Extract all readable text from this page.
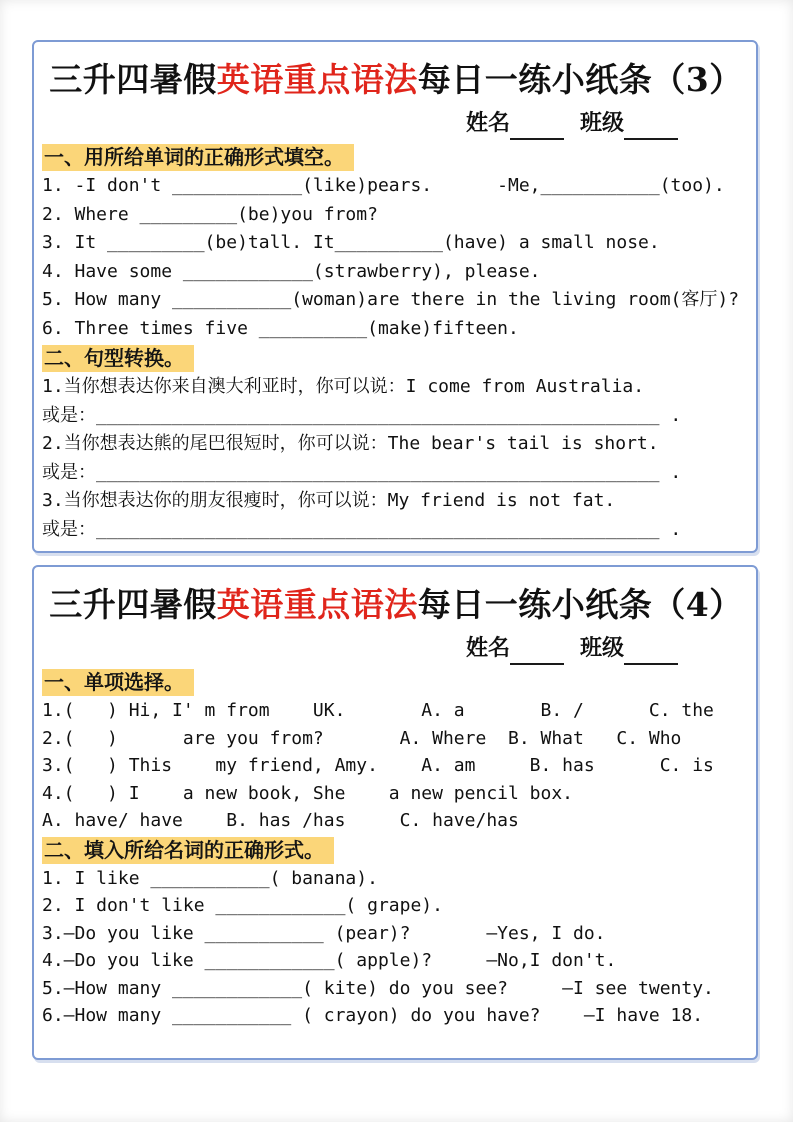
三升四暑假英语重点语法每日一练小纸条（3）
姓名	班级
一、用所给单词的正确形式填空。
1. -I don't ____________(like)pears.      -Me,___________(too).
2. Where _________(be)you from?
3. It _________(be)tall. It__________(have) a small nose.
4. Have some ____________(strawberry), please.
5. How many ___________(woman)are there in the living room(客厅)?
6. Three times five __________(make)fifteen.
二、句型转换。
1.当你想表达你来自澳大利亚时，你可以说：I come from Australia.
或是：____________________________________________________ .
2.当你想表达熊的尾巴很短时，你可以说：The bear's tail is short.
或是：____________________________________________________ .
3.当你想表达你的朋友很瘦时，你可以说：My friend is not fat.
或是：____________________________________________________ .
三升四暑假英语重点语法每日一练小纸条（4）
姓名	班级
一、单项选择。
1.(   ) Hi, I' m from    UK.       A. a       B. /      C. the
2.(   )      are you from?       A. Where  B. What   C. Who
3.(   ) This    my friend, Amy.    A. am     B. has      C. is
4.(   ) I    a new book, She    a new pencil box.
A. have/ have    B. has /has     C. have/has
二、填入所给名词的正确形式。
1. I like ___________( banana).
2. I don't like ____________( grape).
3.—Do you like ___________ (pear)?       —Yes, I do.
4.—Do you like ____________( apple)?     —No,I don't.
5.—How many ____________( kite) do you see?     —I see twenty.
6.—How many ___________ ( crayon) do you have?    —I have 18.
